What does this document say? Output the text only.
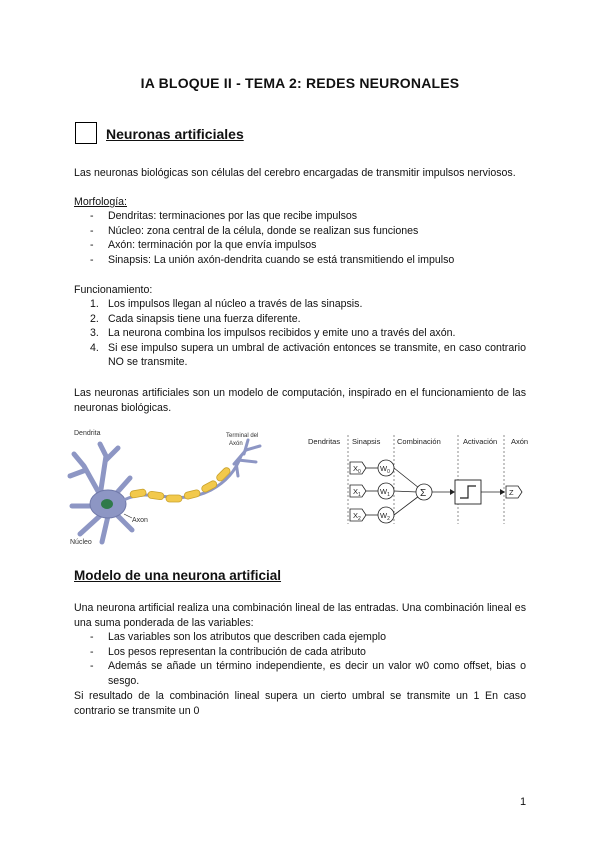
IA BLOQUE II - TEMA 2: REDES NEURONALES
Neuronas artificiales
Las neuronas biológicas son células del cerebro encargadas de transmitir impulsos nerviosos.
Morfología:
- Dendritas: terminaciones por las que recibe impulsos
- Núcleo: zona central de la célula, donde se realizan sus funciones
- Axón: terminación por la que envía impulsos
- Sinapsis: La unión axón-dendrita cuando se está transmitiendo el impulso
Funcionamiento:
1. Los impulsos llegan al núcleo a través de las sinapsis.
2. Cada sinapsis tiene una fuerza diferente.
3. La neurona combina los impulsos recibidos y emite uno a través del axón.
4. Si ese impulso supera un umbral de activación entonces se transmite, en caso contrario NO se transmite.
Las neuronas artificiales son un modelo de computación, inspirado en el funcionamiento de las neuronas biológicas.
Dendrita	Terminal del
Axón
Axon
Núcleo
Dendritas Sinapsis Combinación	Activación Axón
$X_0$
$X_1$
$X_2$
$W_0$
$W_1$
$W_2$
Σ	Z
Modelo de una neurona artificial
Una neurona artificial realiza una combinación lineal de las entradas. Una combinación lineal es una suma ponderada de las variables:
- Las variables son los atributos que describen cada ejemplo
- Los pesos representan la contribución de cada atributo
- Además se añade un término independiente, es decir un valor w0 como offset, bias o sesgo.
Si resultado de la combinación lineal supera un cierto umbral se transmite un 1 En caso contrario se transmite un 0
1
